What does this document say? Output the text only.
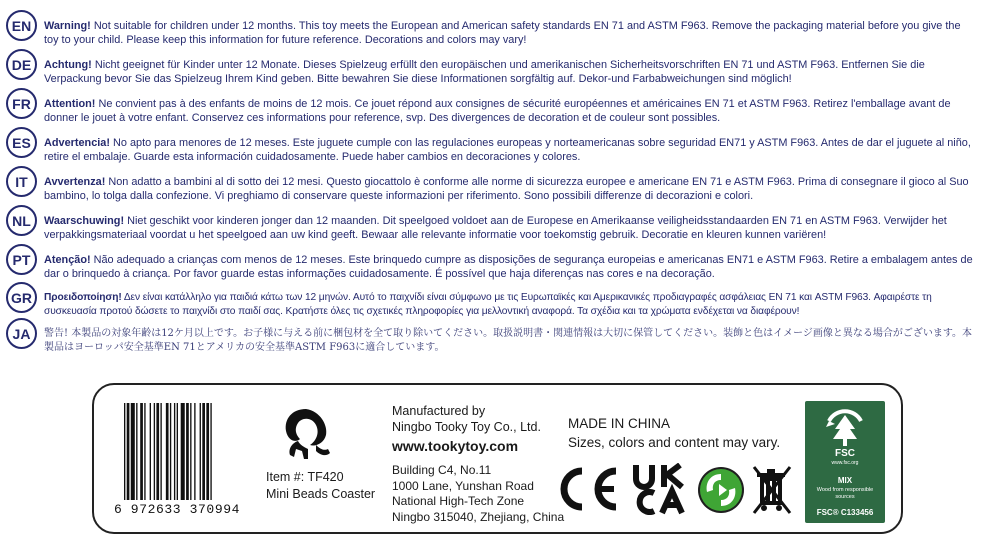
EN	Warning! Not suitable for children under 12 months. This toy meets the European and American safety standards EN 71 and ASTM F963. Remove the packaging material before you give the toy to your child. Please keep this information for future reference. Decorations and colors may vary!
DE	Achtung! Nicht geeignet für Kinder unter 12 Monate. Dieses Spielzeug erfüllt den europäischen und amerikanischen Sicherheitsvorschriften EN 71 und ASTM F963. Entfernen Sie die Verpackung bevor Sie das Spielzeug Ihrem Kind geben. Bitte bewahren Sie diese Informationen sorgfältig auf. Dekor-und Farbabweichungen sind möglich!
FR	Attention! Ne convient pas à des enfants de moins de 12 mois. Ce jouet répond aux consignes de sécurité européennes et américaines EN 71 et ASTM F963. Retirez l'emballage avant de donner le jouet à votre enfant. Conservez ces informations pour reference, svp. Des divergences de decoration et de couleur sont possibles.
ES	Advertencia! No apto para menores de 12 meses. Este juguete cumple con las regulaciones europeas y norteamericanas sobre seguridad EN71 y ASTM F963. Antes de dar el juguete al niño, retire el embalaje. Guarde esta información cuidadosamente. Puede haber cambios en decoraciones y colores.
IT	Avvertenza! Non adatto a bambini al di sotto dei 12 mesi. Questo giocattolo è conforme alle norme di sicurezza europee e americane EN 71 e ASTM F963. Prima di consegnare il gioco al Suo bambino, lo tolga dalla confezione. Vi preghiamo di conservare queste informazioni per riferimento. Sono possibili differenze di decorazioni e colori.
NL	Waarschuwing! Niet geschikt voor kinderen jonger dan 12 maanden. Dit speelgoed voldoet aan de Europese en Amerikaanse veiligheidsstandaarden EN 71 en ASTM F963. Verwijder het verpakkingsmateriaal voordat u het speelgoed aan uw kind geeft. Bewaar alle relevante informatie voor toekomstig gebruik. Decoratie en kleuren kunnen variëren!
PT	Atenção! Não adequado a crianças com menos de 12 meses. Este brinquedo cumpre as disposições de segurança europeias e americanas EN71 e ASTM F963. Retire a embalagem antes de dar o brinquedo à criança. Por favor guarde estas informações cuidadosamente. É possível que haja diferenças nas cores e na decoração.
GR	Προειδοποίηση! Δεν είναι κατάλληλο για παιδιά κάτω των 12 μηνών. Αυτό το παιχνίδι είναι σύμφωνο με τις Ευρωπαϊκές και Αμερικανικές προδιαγραφές ασφάλειας EN 71 και ASTM F963. Αφαιρέστε τη συσκευασία προτού δώσετε το παιχνίδι στο παιδί σας. Κρατήστε όλες τις σχετικές πληροφορίες για μελλοντική αναφορά. Τα σχέδια και τα χρώματα ενδέχεται να διαφέρουν!
JA	警告! 本製品の対象年齢は12ケ月以上です。お子様に与える前に梱包材を全て取り除いてください。取扱説明書・関連情報は大切に保管してください。装飾と色はイメージ画像と異なる場合がございます。本製品はヨーロッパ安全基準EN 71とアメリカの安全基準ASTM F963に適合しています。
6 972633 370994
Item #: TF420
Mini Beads Coaster
Manufactured by
Ningbo Tooky Toy Co., Ltd.
www.tookytoy.com
Building C4, No.11
1000 Lane, Yunshan Road
National High-Tech Zone
Ningbo 315040, Zhejiang, China
MADE IN CHINA
Sizes, colors and content may vary.
FSC
www.fsc.org
MIX
Wood from responsible sources
FSC® C133456
